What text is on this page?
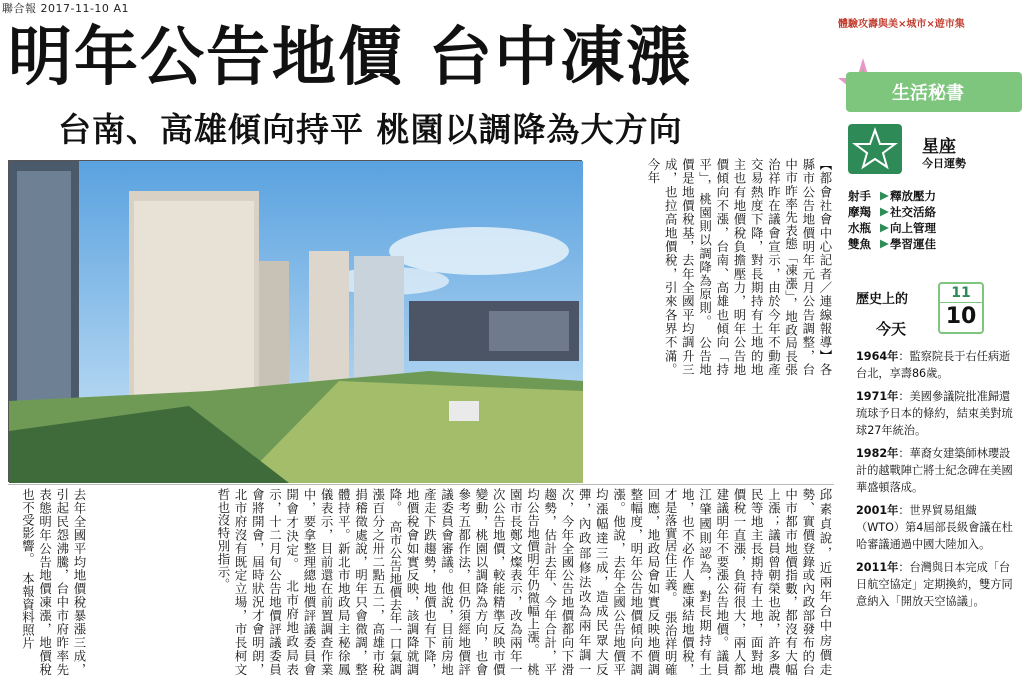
聯合報 2017-11-10 A1
體驗攻壽與美×城市×遊市集
明年公告地價 台中凍漲
台南、高雄傾向持平 桃園以調降為大方向
【都會社會中心記者／連線報導】各縣市公告地價明年元月公告調整，台中市昨率先表態「凍漲」，地政局長張治祥昨在議會宣示，由於今年不動產交易熱度下降，對長期持有土地的地主也有地價稅負擔壓力，明年公告地價傾向不漲，台南、高雄也傾向「持平」，桃園則以調降為原則。　公告地價是地價稅基，去年全國平均調升三成，也拉高地價稅，引來各界不滿。今年
邱素貞說，近兩年台中房價走勢、實價登錄或內政部發布的台中市都市地價指數，都沒有大幅上漲；議員曾朝榮也說，許多農民等地主長期持有土地，面對地價稅一直漲，負荷很大，兩人都建議明年不要漲公告地價。議員江肇國則認為，對長期持有土地，也不必作人應凍結地價稅，才是落實居住正義。　張治祥明確回應，地政局會如實反映地價調整幅度，明年公告地價傾向不調漲。他說，去年全國公告地價平均漲幅達三成，造成民眾大反彈，內政部修法改為兩年調一次，今年全國公告地價都向下滑趨勢，估計去年、今年合計，平均公告地價明年仍微幅上漲。　桃園市長鄭文燦表示，改為兩年一次公告地價，較能精準反映市價變動，桃園以調降為方向，也會參考五都作法，但仍須經地價評議委員會審議。他說，目前房地產走下跌趨勢，地價也有下降，地價稅會如實反映，該調降就調降。　高市公告地價去年一口氣調漲百分之卅二點五二，高雄市稅捐稽徵處說，明年只會微調，整體持平。新北市地政局主秘徐鳳儀表示，目前還在前置調查作業中，要拿整理總地價評議委員會開會才決定。　北市府地政局表示，十二月旬公告地價評議委員會將開會，屆時狀況才會明朗，北市府沒有既定立場，市長柯文哲也沒特別指示。
去年全國平均地價稅暴漲三成，引起民怨沸騰，台中市府昨率先表態明年公告地價凍漲，地價稅也不受影響。　本報資料照片
生活秘書
星座
今日運勢
射手 ▶ 釋放壓力
摩羯 ▶ 社交活絡
水瓶 ▶ 向上管理
雙魚 ▶ 學習運佳
歷史上的
今天
11
10
1964年：監察院長于右任病逝台北，享壽86歲。
1971年：美國參議院批准歸還琉球予日本的條約，結束美對琉球27年統治。
1982年：華裔女建築師林瓔設計的越戰陣亡將士紀念碑在美國華盛頓落成。
2001年：世界貿易組織（WTO）第4屆部長級會議在杜哈審議通過中國大陸加入。
2011年：台灣與日本完成「台日航空協定」定期換約，雙方同意納入「開放天空協議」。
